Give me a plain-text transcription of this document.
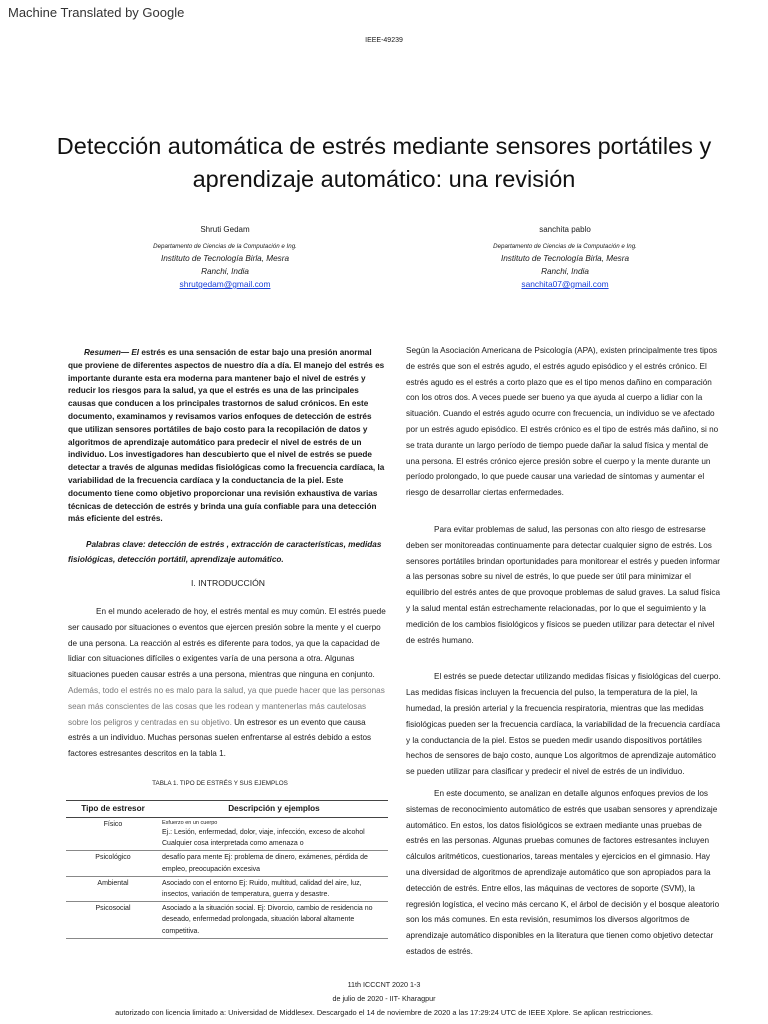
Machine Translated by Google
IEEE-49239
Detección automática de estrés mediante sensores portátiles y aprendizaje automático: una revisión
Shruti Gedam
Departamento de Ciencias de la Computación e Ing.
Instituto de Tecnología Birla, Mesra
Ranchi, India
shrutgedam@gmail.com
sanchita pablo
Departamento de Ciencias de la Computación e Ing.
Instituto de Tecnología Birla, Mesra
Ranchi, India
sanchita07@gmail.com
Resumen— El estrés es una sensación de estar bajo una presión anormal que proviene de diferentes aspectos de nuestro día a día. El manejo del estrés es importante durante esta era moderna para mantener bajo el nivel de estrés y reducir los riesgos para la salud, ya que el estrés es una de las principales causas que conducen a los principales trastornos de salud crónicos. En este documento, examinamos y revisamos varios enfoques de detección de estrés que utilizan sensores portátiles de bajo costo para la recopilación de datos y algoritmos de aprendizaje automático para predecir el nivel de estrés de un individuo. Los investigadores han descubierto que el nivel de estrés se puede detectar a través de algunas medidas fisiológicas como la frecuencia cardíaca, la variabilidad de la frecuencia cardíaca y la conductancia de la piel. Este documento tiene como objetivo proporcionar una revisión exhaustiva de varias técnicas de detección de estrés y brinda una guía confiable para una detección más eficiente del estrés.
Palabras clave: detección de estrés , extracción de características, medidas fisiológicas, detección portátil, aprendizaje automático.
I. INTRODUCCIÓN

En el mundo acelerado de hoy, el estrés mental es muy común. El estrés puede ser causado por situaciones o eventos que ejercen presión sobre la mente y el cuerpo de una persona. La reacción al estrés es diferente para todos, ya que la capacidad de lidiar con situaciones difíciles o exigentes varía de una persona a otra. Algunas situaciones pueden causar estrés a una persona, mientras que ninguna en conjunto. Además, todo el estrés no es malo para la salud, ya que puede hacer que las personas sean más conscientes de las cosas que les rodean y mantenerlas más cautelosas sobre los peligros y centradas en su objetivo. Un estresor es un evento que causa estrés a un individuo. Muchas personas suelen enfrentarse al estrés debido a estos factores estresantes descritos en la tabla 1.

TABLA 1. TIPO DE ESTRÉS Y SUS EJEMPLOS
Tipo de estresor	Descripción y ejemplos
Físico	Esfuerzo en un cuerpo
Ej.: Lesión, enfermedad, dolor, viaje, infección, exceso de alcohol Cualquier cosa interpretada como amenaza o

Psicológico	desafío para mente Ej: problema de dinero, exámenes, pérdida de empleo, preocupación excesiva
Ambiental	Asociado con el entorno Ej: Ruido, multitud, calidad del aire, luz, insectos, variación de temperatura, guerra y desastre.
Psicosocial	Asociado a la situación social. Ej: Divorcio, cambio de residencia no deseado, enfermedad prolongada, situación laboral altamente competitiva.

Según la Asociación Americana de Psicología (APA), existen principalmente tres tipos de estrés que son el estrés agudo, el estrés agudo episódico y el estrés crónico. El estrés agudo es el estrés a corto plazo que es el tipo menos dañino en comparación con los otros dos. A veces puede ser bueno ya que ayuda al cuerpo a lidiar con la situación. Cuando el estrés agudo ocurre con frecuencia, un individuo se ve afectado por un estrés agudo episódico. El estrés crónico es el tipo de estrés más dañino, si no se trata durante un largo período de tiempo puede dañar la salud física y mental de una persona. El estrés crónico ejerce presión sobre el cuerpo y la mente durante un período prolongado, lo que puede causar una variedad de síntomas y aumentar el riesgo de desarrollar ciertas enfermedades.

Para evitar problemas de salud, las personas con alto riesgo de estresarse deben ser monitoreadas continuamente para detectar cualquier signo de estrés. Los sensores portátiles brindan oportunidades para monitorear el estrés y pueden informar a las personas sobre su nivel de estrés, lo que puede ser útil para minimizar el equilibrio del estrés antes de que provoque problemas de salud graves. La salud física y la salud mental están estrechamente relacionadas, por lo que el seguimiento y la medición de los cambios fisiológicos y físicos se pueden utilizar para detectar el nivel de estrés humano.

El estrés se puede detectar utilizando medidas físicas y fisiológicas del cuerpo. Las medidas físicas incluyen la frecuencia del pulso, la temperatura de la piel, la humedad, la presión arterial y la frecuencia respiratoria, mientras que las medidas fisiológicas pueden ser la frecuencia cardíaca, la variabilidad de la frecuencia cardíaca y la conductancia de la piel. Estos se pueden medir usando dispositivos portátiles hechos de sensores de bajo costo, aunque Los algoritmos de aprendizaje automático se pueden utilizar para clasificar y predecir el nivel de estrés de un individuo.

En este documento, se analizan en detalle algunos enfoques previos de los sistemas de reconocimiento automático de estrés que usaban sensores y aprendizaje automático. En estos, los datos fisiológicos se extraen mediante unas pruebas de estrés en las personas. Algunas pruebas comunes de factores estresantes incluyen cálculos aritméticos, cuestionarios, tareas mentales y ejercicios en el gimnasio. Hay una diversidad de algoritmos de aprendizaje automático que son apropiados para la detección de estrés. Entre ellos, las máquinas de vectores de soporte (SVM), la regresión logística, el vecino más cercano K, el árbol de decisión y el bosque aleatorio son los más comunes. En esta revisión, resumimos los diversos algoritmos de aprendizaje automático disponibles en la literatura que tienen como objetivo detectar estados de estrés.

11th ICCCNT 2020 1-3
de julio de 2020 - IIT- Kharagpur
autorizado con licencia limitado a: Universidad de Middlesex. Descargado el 14 de noviembre de 2020 a las 17:29:24 UTC de IEEE Xplore. Se aplican restricciones.
